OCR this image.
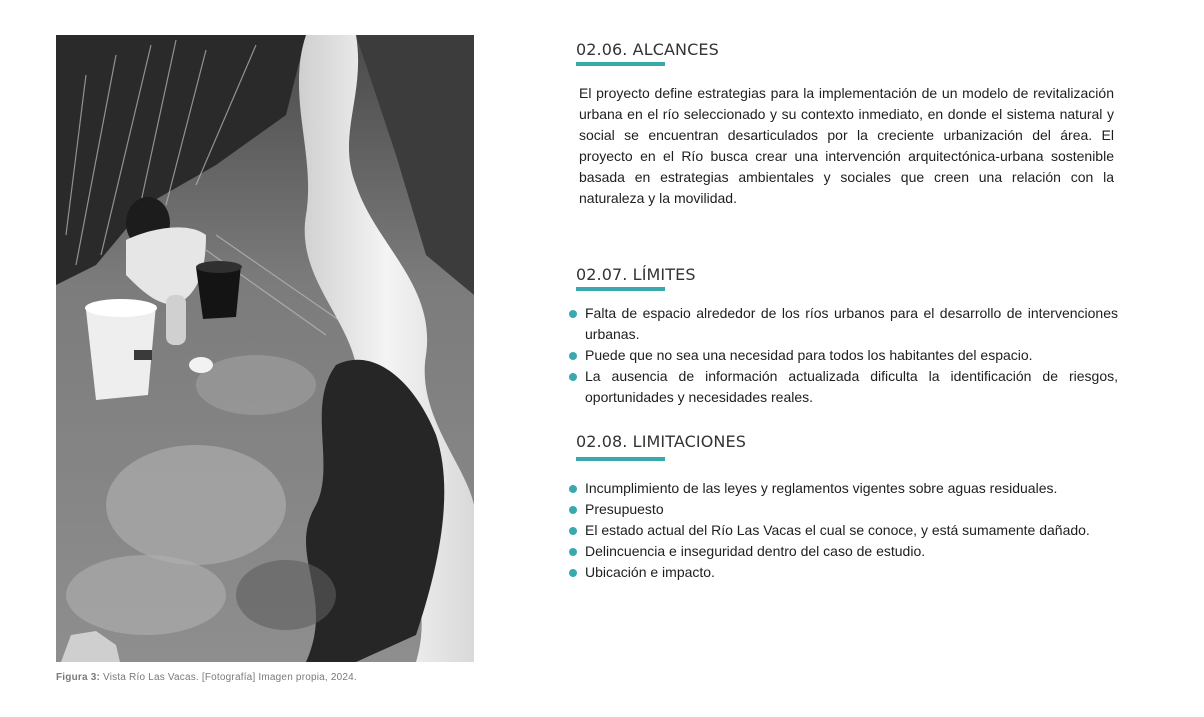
Figura 3: Vista Río Las Vacas. [Fotografía] Imagen propia, 2024.
02.06. ALCANCES

El proyecto define estrategias para la implementación de un modelo de revitalización urbana en el río seleccionado y su contexto inmediato, en donde el sistema natural y social se encuentran desarticulados por la creciente urbanización del área. El proyecto en el Río busca crear una intervención arquitectónica-urbana sostenible basada en estrategias ambientales y sociales que creen una relación con la naturaleza y la movilidad.

02.07. LÍMITES
Falta de espacio alrededor de los ríos urbanos para el desarrollo de intervenciones urbanas.
Puede que no sea una necesidad para todos los habitantes del espacio.
La ausencia de información actualizada dificulta la identificación de riesgos, oportunidades y necesidades reales.
02.08. LIMITACIONES
Incumplimiento de las leyes y reglamentos vigentes sobre aguas residuales.
Presupuesto
El estado actual del Río Las Vacas el cual se conoce, y está sumamente dañado.
Delincuencia e inseguridad dentro del caso de estudio.
Ubicación e impacto.
